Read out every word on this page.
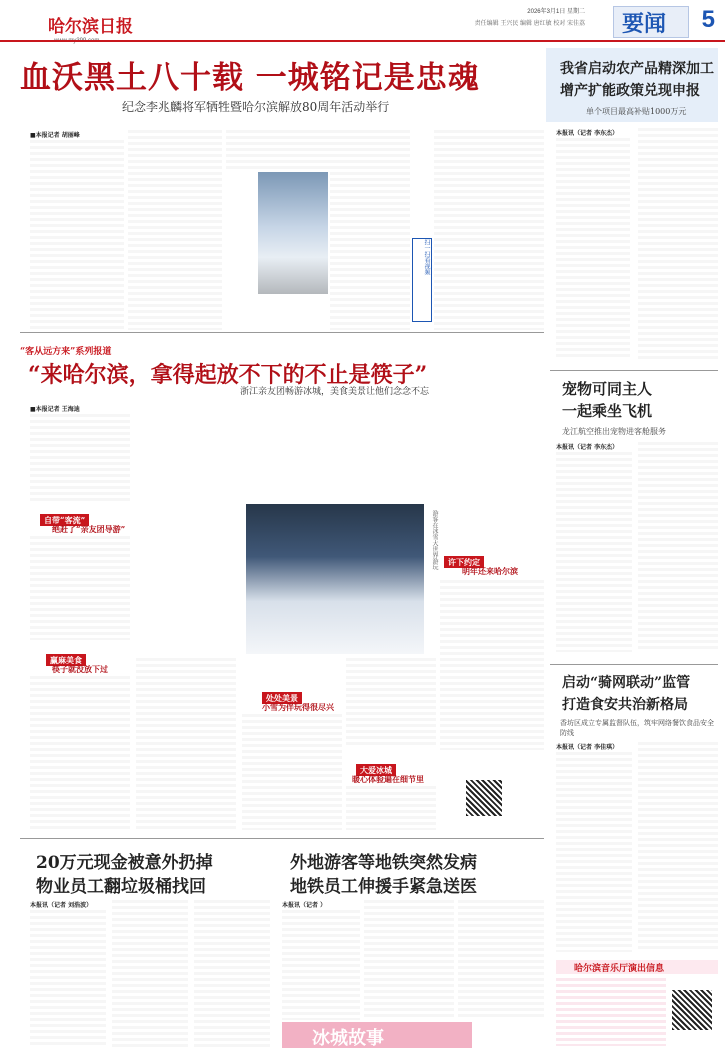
哈尔滨日报
2026年3月1日 星期二
责任编辑 王兴民 编辑 唐红敏 校对 宋佳荔 要闻 5
血沃黑土八十载 一城铭记是忠魂
纪念李兆麟将军牺牲暨哈尔滨解放80周年活动举行
■本报记者 胡丽峰
扫一扫看视频
我省启动农产品精深加工
增产扩能政策兑现申报
单个项目最高补贴1000万元
本报讯（记者 李东杰）
“客从远方来”系列报道
“来哈尔滨，拿得起放不下的不止是筷子”
浙江亲友团畅游冰城，美食美景让他们念念不忘
■本报记者 王海迪
自带“客流”
绝赶了“亲友团导游”
赢麻美食
筷子就没放下过
游客在冰雪大世界游玩
处处美景
小雪为伴玩得很尽兴
许下约定
明年还来哈尔滨
大爱冰城
暖心体验遍在细节里
宠物可同主人
一起乘坐飞机
龙江航空推出宠物进客舱服务
本报讯（记者 李东杰）
启动“骑网联动”监管
打造食安共治新格局
香坊区成立专属监督队伍，筑牢网络餐饮食品安全防线
本报讯（记者 李佳琪）
20万元现金被意外扔掉
物业员工翻垃圾桶找回
本报讯（记者 刘浩波）
外地游客等地铁突然发病
地铁员工伸援手紧急送医
本报讯（记者 ）
哈尔滨音乐厅演出信息
冰城故事
